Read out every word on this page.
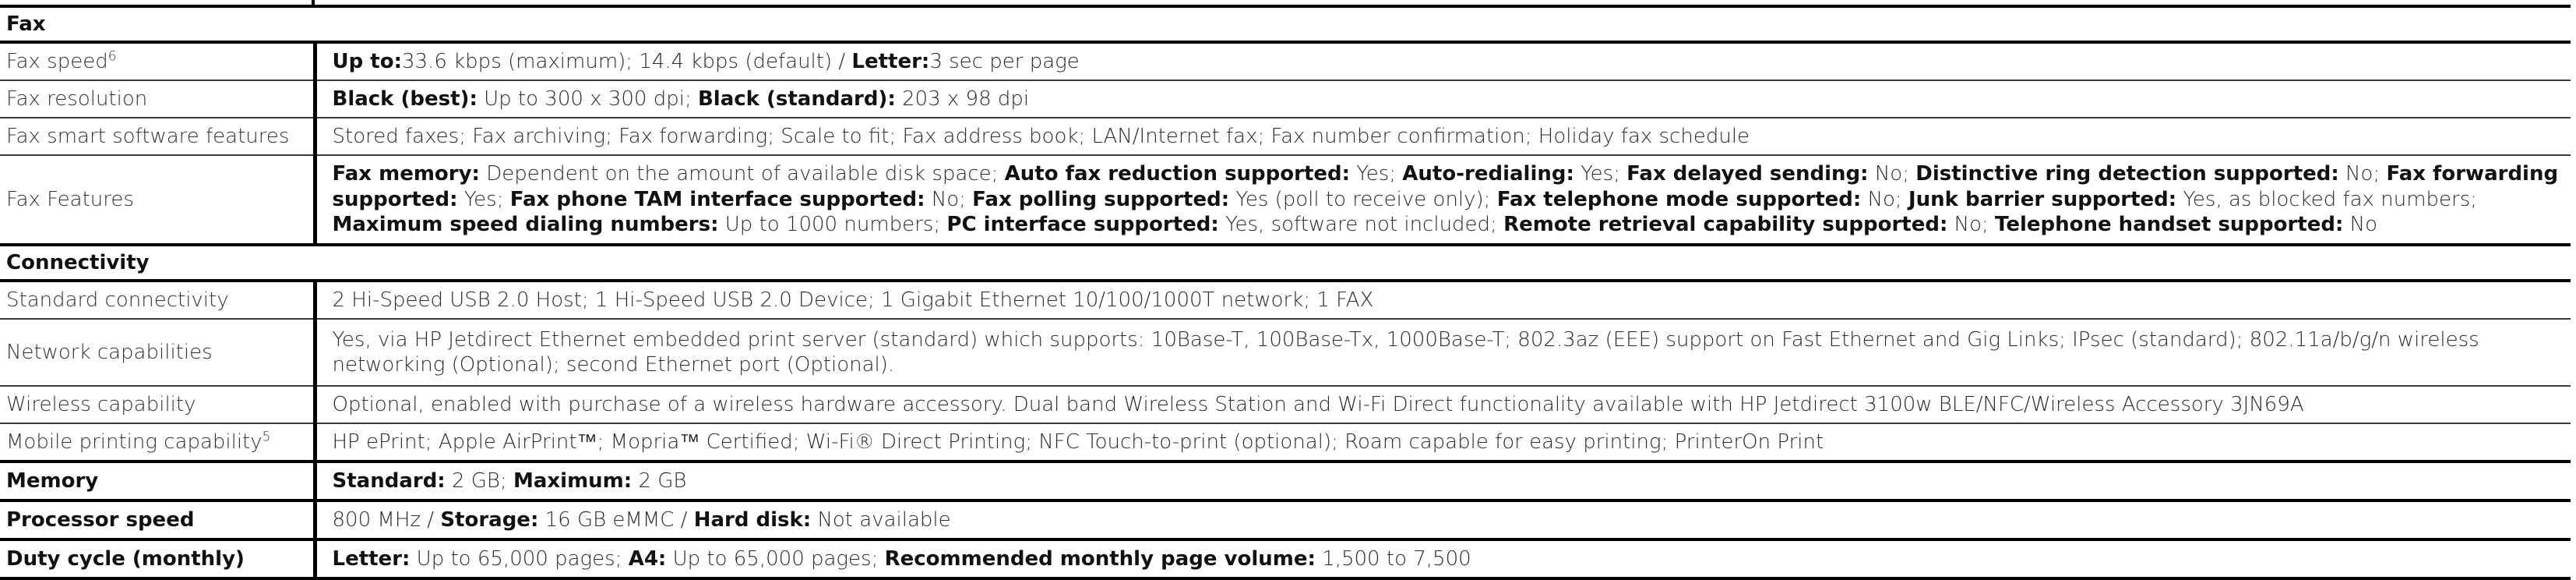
Fax	
Fax speed$^6$	Up to:33.6 kbps (maximum); 14.4 kbps (default) / Letter:3 sec per page
Fax resolution	Black (best): Up to 300 x 300 dpi; Black (standard): 203 x 98 dpi
Fax smart software features	Stored faxes; Fax archiving; Fax forwarding; Scale to fit; Fax address book; LAN/Internet fax; Fax number confirmation; Holiday fax schedule
Fax Features	Fax memory: Dependent on the amount of available disk space; Auto fax reduction supported: Yes; Auto-redialing: Yes; Fax delayed sending: No; Distinctive ring detection supported: No; Fax forwarding supported: Yes; Fax phone TAM interface supported: No; Fax polling supported: Yes (poll to receive only); Fax telephone mode supported: No; Junk barrier supported: Yes, as blocked fax numbers; Maximum speed dialing numbers: Up to 1000 numbers; PC interface supported: Yes, software not included; Remote retrieval capability supported: No; Telephone handset supported: No
Connectivity	
Standard connectivity	2 Hi-Speed USB 2.0 Host; 1 Hi-Speed USB 2.0 Device; 1 Gigabit Ethernet 10/100/1000T network; 1 FAX
Network capabilities	Yes, via HP Jetdirect Ethernet embedded print server (standard) which supports: 10Base-T, 100Base-Tx, 1000Base-T; 802.3az (EEE) support on Fast Ethernet and Gig Links; IPsec (standard); 802.11a/b/g/n wireless networking (Optional); second Ethernet port (Optional).
Wireless capability	Optional, enabled with purchase of a wireless hardware accessory. Dual band Wireless Station and Wi-Fi Direct functionality available with HP Jetdirect 3100w BLE/NFC/Wireless Accessory 3JN69A
Mobile printing capability$^5$	HP ePrint; Apple AirPrint™; Mopria™ Certified; Wi-Fi® Direct Printing; NFC Touch-to-print (optional); Roam capable for easy printing; PrinterOn Print
Memory	Standard: 2 GB; Maximum: 2 GB
Processor speed	800 MHz / Storage: 16 GB eMMC / Hard disk: Not available
Duty cycle (monthly)	Letter: Up to 65,000 pages; A4: Up to 65,000 pages; Recommended monthly page volume: 1,500 to 7,500
